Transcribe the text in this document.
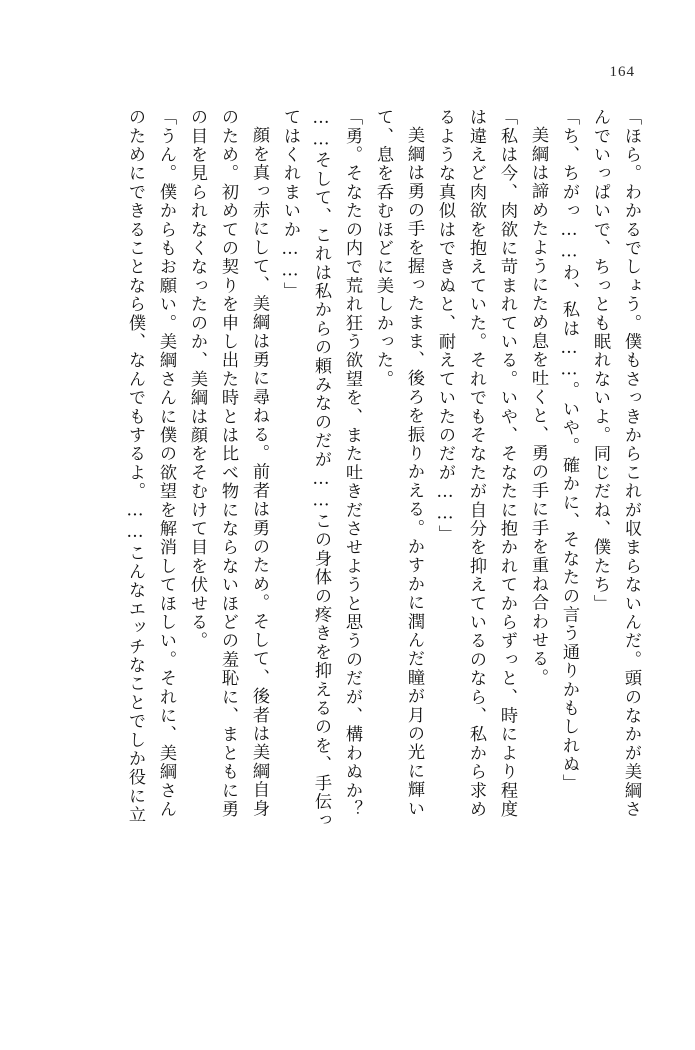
164
「ほら。わかるでしょう。僕もさっきからこれが収まらないんだ。頭のなかが美綱さ
んでいっぱいで、ちっとも眠れないよ。同じだね、僕たち」
「ち、ちがっ……わ、私は……。いや。確かに、そなたの言う通りかもしれぬ」
美綱は諦めたようにため息を吐くと、勇の手に手を重ね合わせる。
「私は今、肉欲に苛まれている。いや、そなたに抱かれてからずっと、時により程度
は違えど肉欲を抱えていた。それでもそなたが自分を抑えているのなら、私から求め
るような真似はできぬと、耐えていたのだが……」
美綱は勇の手を握ったまま、後ろを振りかえる。かすかに潤んだ瞳が月の光に輝い
て、息を呑むほどに美しかった。
「勇。そなたの内で荒れ狂う欲望を、また吐きださせようと思うのだが、構わぬか？
……そして、これは私からの頼みなのだが……この身体の疼きを抑えるのを、手伝っ
てはくれまいか……」
顔を真っ赤にして、美綱は勇に尋ねる。前者は勇のため。そして、後者は美綱自身
のため。初めての契りを申し出た時とは比べ物にならないほどの羞恥に、まともに勇
の目を見られなくなったのか、美綱は顔をそむけて目を伏せる。
「うん。僕からもお願い。美綱さんに僕の欲望を解消してほしい。それに、美綱さん
のためにできることなら僕、なんでもするよ。……こんなエッチなことでしか役に立
